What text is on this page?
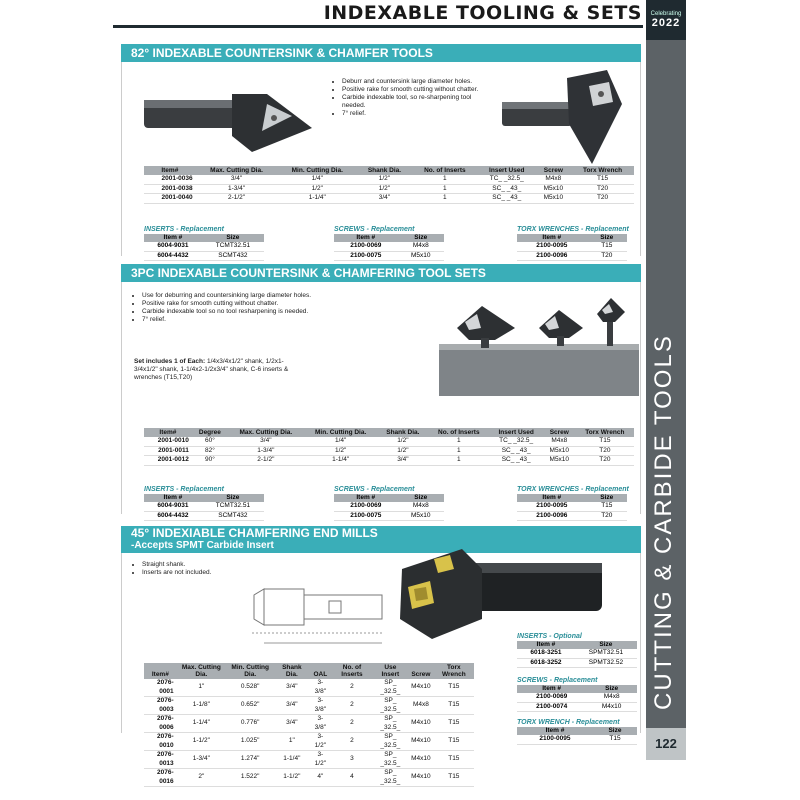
INDEXABLE TOOLING & SETS	Celebrating
2022
CUTTING & CARBIDE TOOLS
122
82° INDEXABLE COUNTERSINK & CHAMFER TOOLS
• Deburr and countersink large diameter holes.
• Positive rake for smooth cutting without chatter.
• Carbide indexable tool, so re-sharpening tool needed.
• 7° relief.
Item#	Max. Cutting Dia.	Min. Cutting Dia.	Shank Dia.	No. of Inserts	Insert Used	Screw	Torx Wrench
2001-0036	3/4"	1/4"	1/2"	1	TC_ _32.5_	M4x8	T15
2001-0038	1-3/4"	1/2"	1/2"	1	SC_ _43_	M5x10	T20
2001-0040	2-1/2"	1-1/4"	3/4"	1	SC_ _43_	M5x10	T20
INSERTS - Replacement
Item #	Size
6004-9031	TCMT32.51
6004-4432	SCMT432
SCREWS - Replacement
Item #	Size
2100-0069	M4x8
2100-0075	M5x10
TORX WRENCHES - Replacement
Item #	Size
2100-0095	T15
2100-0096	T20
3PC INDEXABLE COUNTERSINK & CHAMFERING TOOL SETS
• Use for deburring and countersinking large diameter holes.
• Positive rake for smooth cutting without chatter.
• Carbide indexable tool so no tool resharpening is needed.
• 7° relief.
Set includes 1 of Each: 1/4x3/4x1/2" shank, 1/2x1-3/4x1/2" shank, 1-1/4x2-1/2x3/4" shank, C-6 inserts & wrenches (T15,T20)
Item#	Degree	Max. Cutting Dia.	Min. Cutting Dia.	Shank Dia.	No. of Inserts	Insert Used	Screw	Torx Wrench
2001-0010	60°	3/4"	1/4"	1/2"	1	TC_ _32.5_	M4x8	T15
2001-0011	82°	1-3/4"	1/2"	1/2"	1	SC_ _43_	M5x10	T20
2001-0012	90°	2-1/2"	1-1/4"	3/4"	1	SC_ _43_	M5x10	T20
INSERTS - Replacement
Item #	Size
6004-9031	TCMT32.51
6004-4432	SCMT432
SCREWS - Replacement
Item #	Size
2100-0069	M4x8
2100-0075	M5x10
TORX WRENCHES - Replacement
Item #	Size
2100-0095	T15
2100-0096	T20
45° INDEXIABLE CHAMFERING END MILLS
-Accepts SPMT Carbide Insert
• Straight shank.
• Inserts are not included.
Item#	Max. Cutting Dia.	Min. Cutting Dia.	Shank Dia.	OAL	No. of Inserts	Use Insert	Screw	Torx Wrench
2076-0001	1"	0.528"	3/4"	3-3/8"	2	SP_ _32.5_	M4x10	T15
2076-0003	1-1/8"	0.652"	3/4"	3-3/8"	2	SP_ _32.5_	M4x8	T15
2076-0006	1-1/4"	0.776"	3/4"	3-3/8"	2	SP_ _32.5_	M4x10	T15
2076-0010	1-1/2"	1.025"	1"	3-1/2"	2	SP_ _32.5_	M4x10	T15
2076-0013	1-3/4"	1.274"	1-1/4"	3-1/2"	3	SP_ _32.5_	M4x10	T15
2076-0016	2"	1.522"	1-1/2"	4"	4	SP_ _32.5_	M4x10	T15
INSERTS - Optional
Item #	Size
6018-3251	SPMT32.51
6018-3252	SPMT32.52
SCREWS - Replacement
Item #	Size
2100-0069	M4x8
2100-0074	M4x10
TORX WRENCH - Replacement
Item #	Size
2100-0095	T15
